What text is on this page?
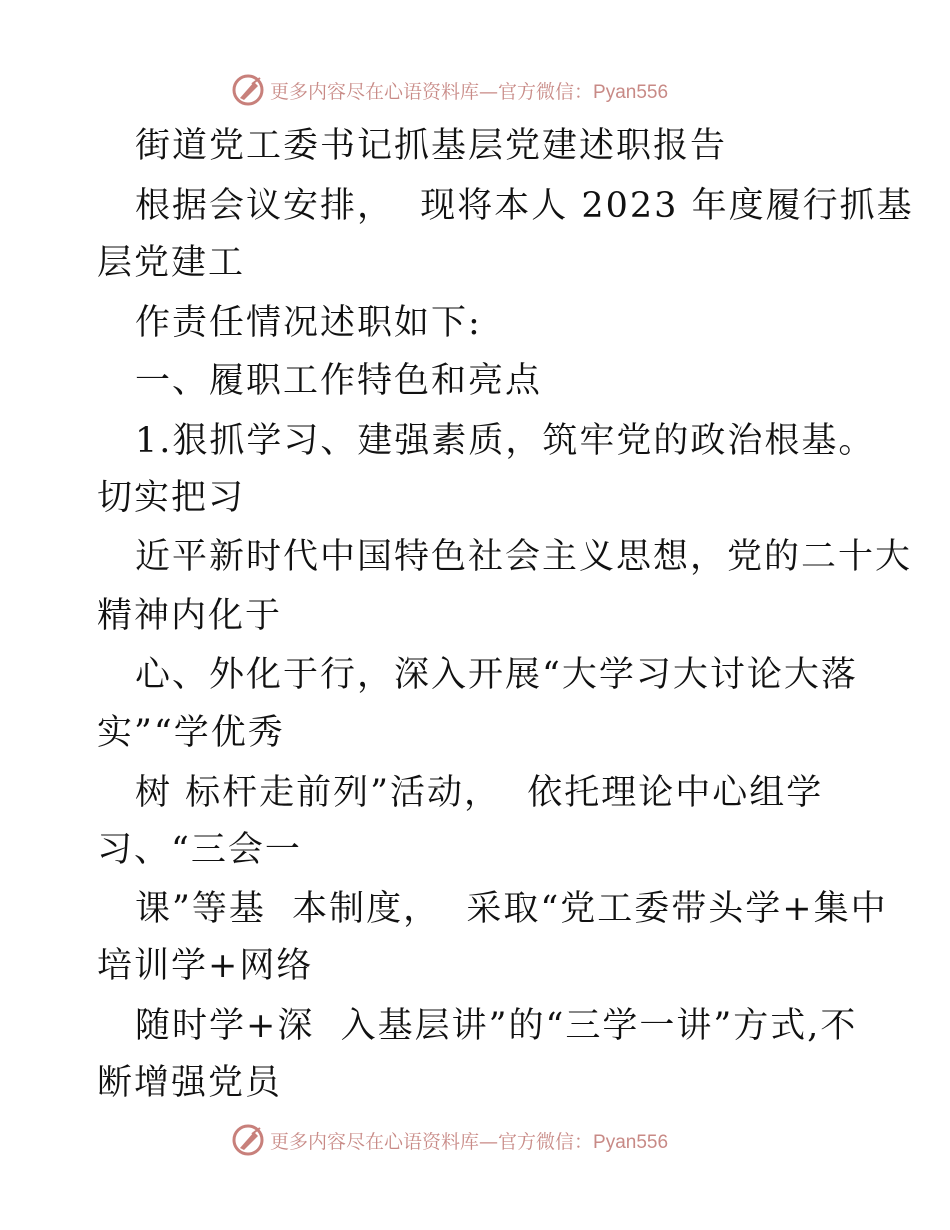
更多内容尽在心语资料库—官方微信：Pyan556
街道党工委书记抓基层党建述职报告
根据会议安排，  现将本人 2023 年度履行抓基
层党建工
作责任情况述职如下:
一、履职工作特色和亮点
1.狠抓学习、建强素质，筑牢党的政治根基。
切实把习
近平新时代中国特色社会主义思想，党的二十大
精神内化于
心、外化于行，深入开展“大学习大讨论大落
实”“学优秀
树 标杆走前列”活动，  依托理论中心组学
习、“三会一
课”等基  本制度，  采取“党工委带头学+集中
培训学+网络
随时学+深  入基层讲”的“三学一讲”方式,不
断增强党员
更多内容尽在心语资料库—官方微信：Pyan556
